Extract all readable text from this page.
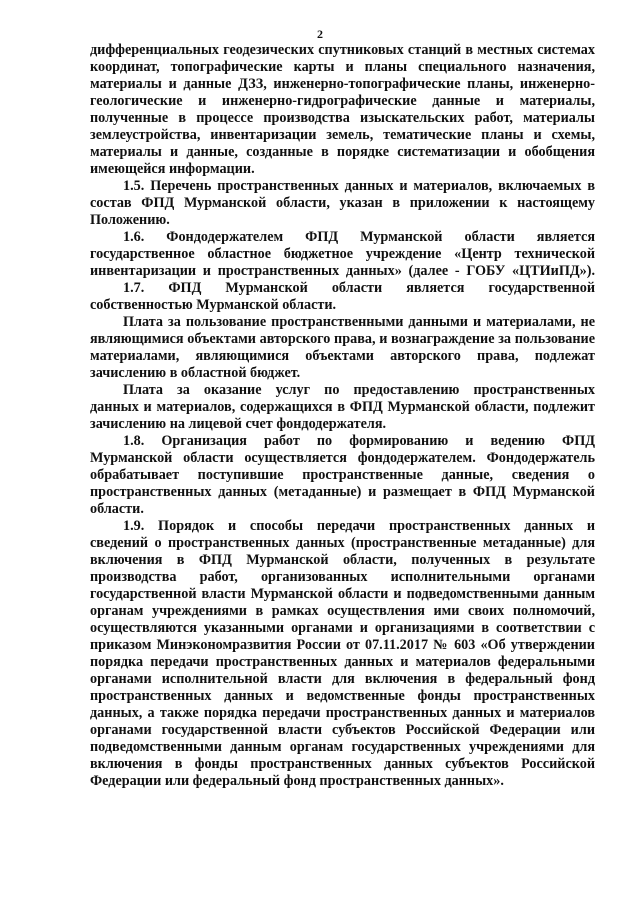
2
дифференциальных геодезических спутниковых станций в местных системах
координат, топографические карты и планы специального назначения,
материалы и данные ДЗЗ, инженерно-топографические планы, инженерно-
геологические и инженерно-гидрографические данные и материалы,
полученные в процессе производства изыскательских работ, материалы
землеустройства, инвентаризации земель, тематические планы и схемы,
материалы и данные, созданные в порядке систематизации и обобщения
имеющейся информации.
1.5. Перечень пространственных данных и материалов, включаемых в
состав ФПД Мурманской области, указан в приложении к настоящему
Положению.
1.6. Фондодержателем ФПД Мурманской области является
государственное областное бюджетное учреждение «Центр технической
инвентаризации и пространственных данных» (далее - ГОБУ «ЦТИиПД»).
1.7. ФПД Мурманской области является государственной
собственностью Мурманской области.
Плата за пользование пространственными данными и материалами, не
являющимися объектами авторского права, и вознаграждение за пользование
материалами, являющимися объектами авторского права, подлежат
зачислению в областной бюджет.
Плата за оказание услуг по предоставлению пространственных
данных и материалов, содержащихся в ФПД Мурманской области, подлежит
зачислению на лицевой счет фондодержателя.
1.8. Организация работ по формированию и ведению ФПД
Мурманской области осуществляется фондодержателем. Фондодержатель
обрабатывает поступившие пространственные данные, сведения о
пространственных данных (метаданные) и размещает в ФПД Мурманской
области.
1.9. Порядок и способы передачи пространственных данных и
сведений о пространственных данных (пространственные метаданные) для
включения в ФПД Мурманской области, полученных в результате
производства работ, организованных исполнительными органами
государственной власти Мурманской области и подведомственными данным
органам учреждениями в рамках осуществления ими своих полномочий,
осуществляются указанными органами и организациями в соответствии с
приказом Минэкономразвития России от 07.11.2017 № 603 «Об утверждении
порядка передачи пространственных данных и материалов федеральными
органами исполнительной власти для включения в федеральный фонд
пространственных данных и ведомственные фонды пространственных
данных, а также порядка передачи пространственных данных и материалов
органами государственной власти субъектов Российской Федерации или
подведомственными данным органам государственных учреждениями для
включения в фонды пространственных данных субъектов Российской
Федерации или федеральный фонд пространственных данных».
